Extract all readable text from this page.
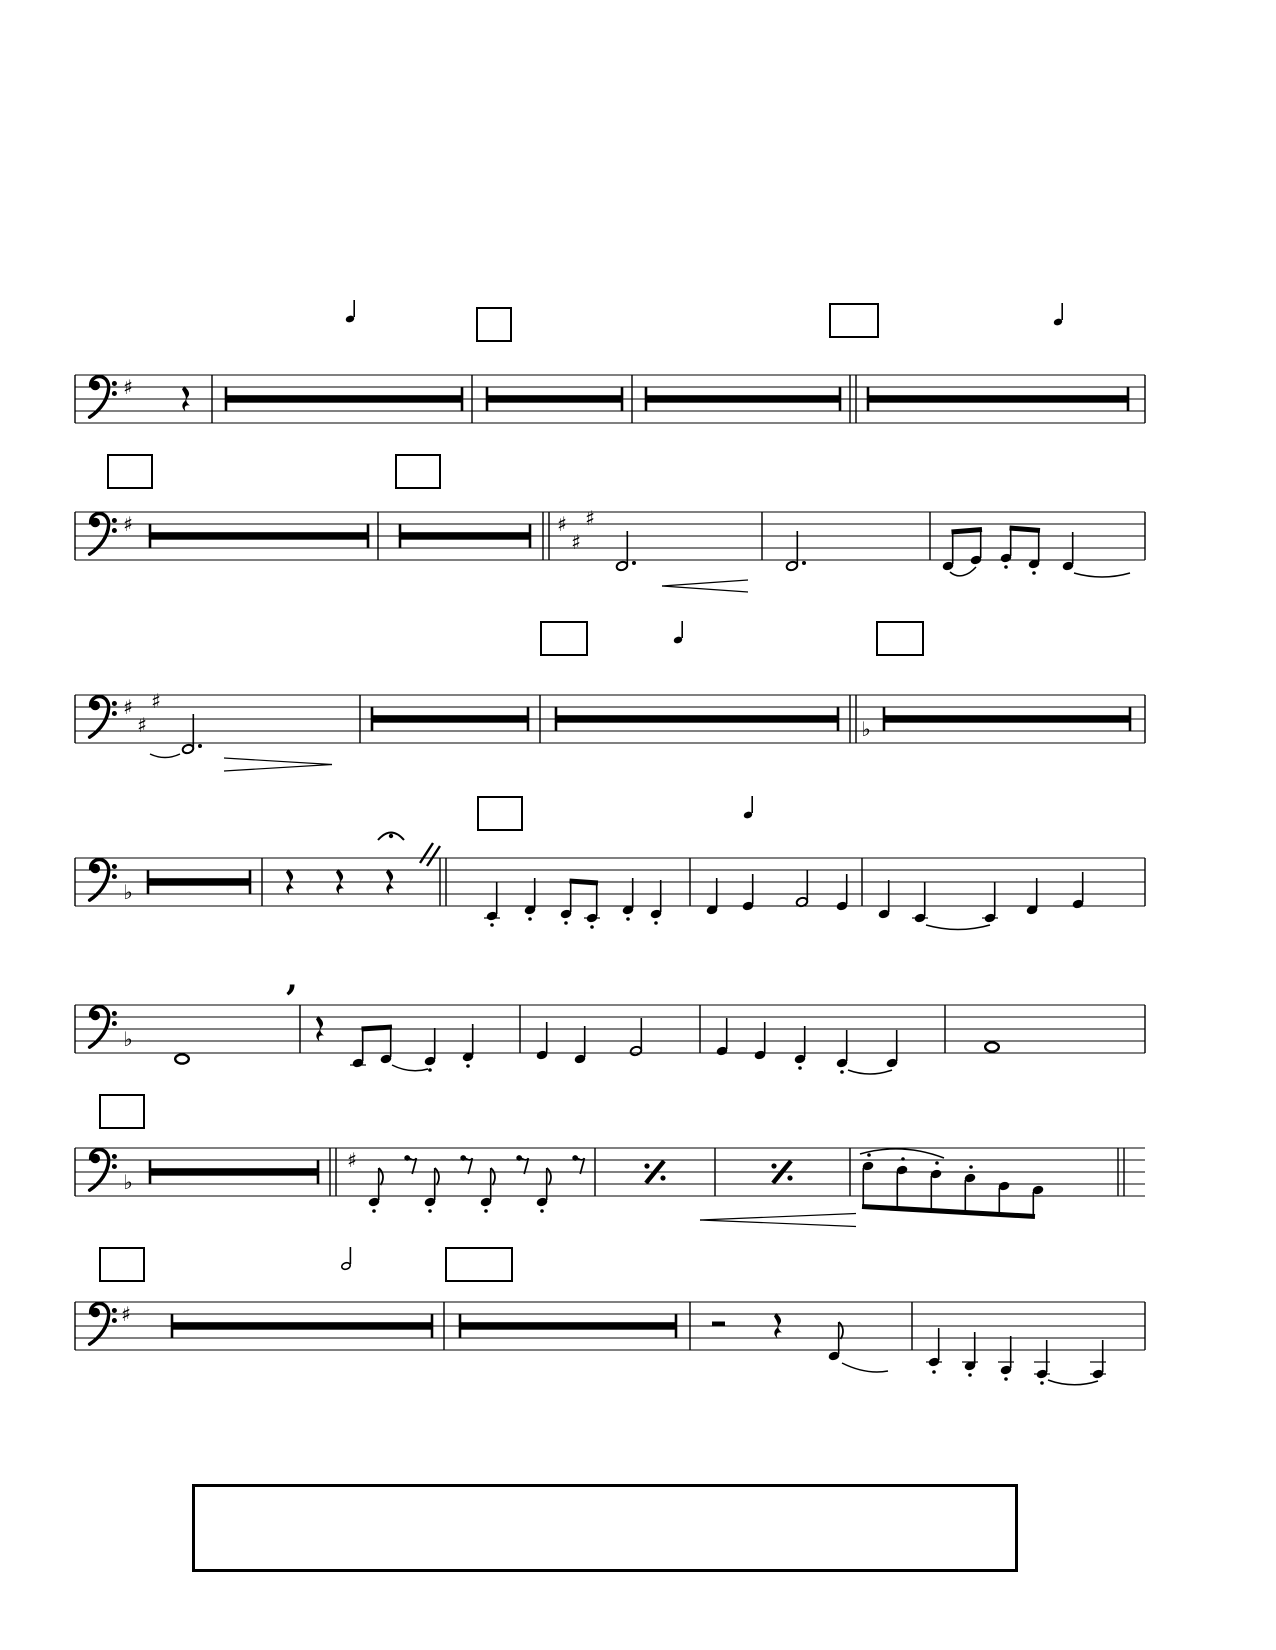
♯
♯	♯
♯
♯
♯
♯
♯
♭
♭
♭
,
♭
♯
♯
